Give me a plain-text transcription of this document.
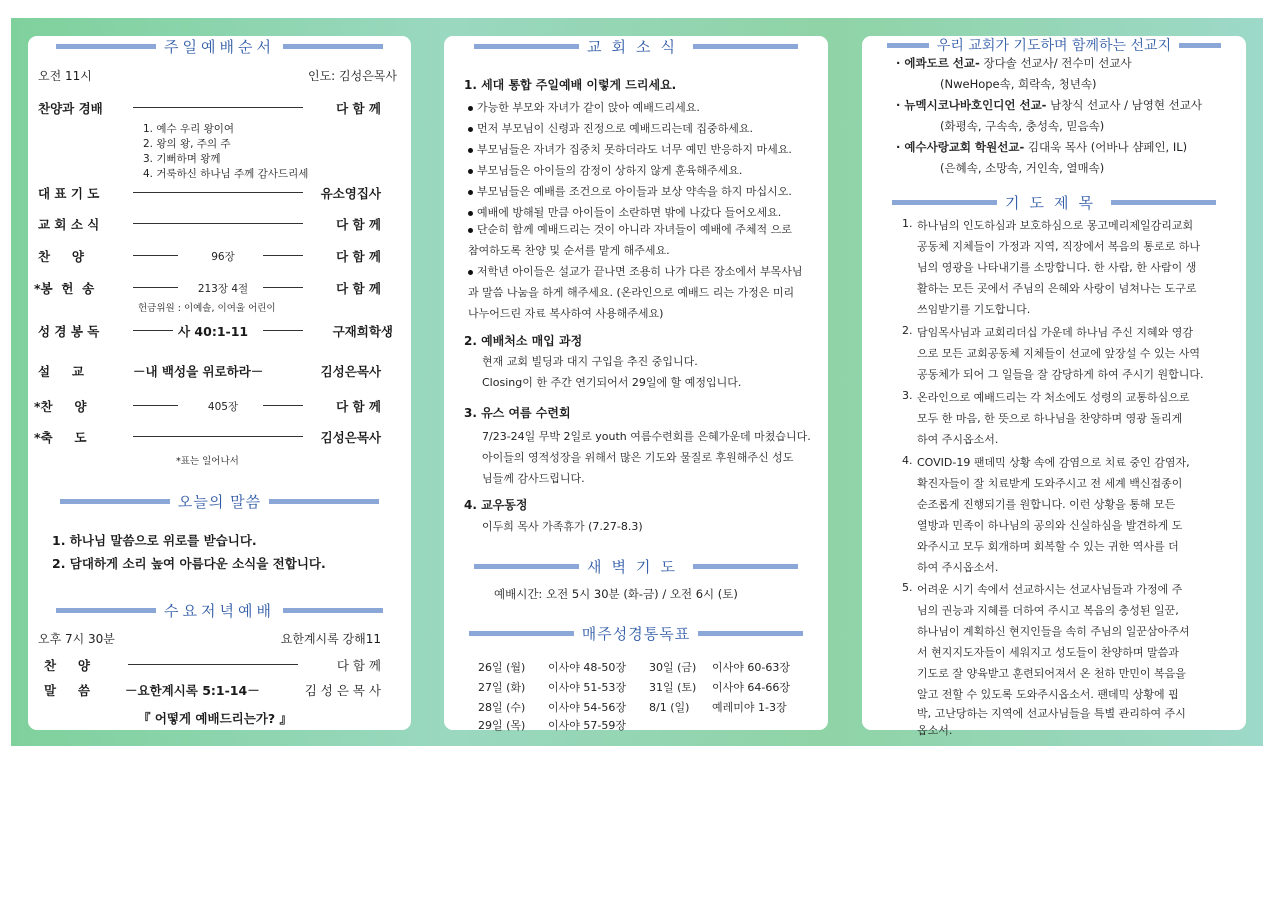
주일예배순서
오전 11시	인도: 김성은목사
찬양과 경배	다 함 께
1. 예수 우리 왕이여
2. 왕의 왕, 주의 주
3. 기뻐하며 왕께
4. 거룩하신 하나님 주께 감사드리세
대 표 기 도	유소영집사
교 회 소 식	다 함 께
찬     양	96장	다 함 께
*봉  헌  송	213장 4절	다 함 께
헌금위원 : 이예솔, 이여울 어린이
성 경 봉 독	사 40:1-11	구재희학생
설     교	－내 백성을 위로하라－	김성은목사
*찬     양	405장	다 함 께
*축     도	김성은목사
*표는 일어나서
오늘의 말씀
1. 하나님 말씀으로 위로를 받습니다.
2. 담대하게 소리 높여 아름다운 소식을 전합니다.
수요저녁예배
오후 7시 30분	요한계시록 강해11
찬     양	다 함 께
말     씀	－요한계시록 5:1-14－	김 성 은 목 사
『 어떻게 예배드리는가? 』
교회소식
1. 세대 통합 주일예배 이렇게 드리세요.
가능한 부모와 자녀가 같이 앉아 예배드리세요.
먼저 부모님이 신령과 진정으로 예배드리는데 집중하세요.
부모님들은 자녀가 집중치 못하더라도 너무 예민 반응하지 마세요.
부모님들은 아이들의 감정이 상하지 않게 훈육해주세요.
부모님들은 예배를 조건으로 아이들과 보상 약속을 하지 마십시오.
예배에 방해될 만큼 아이들이 소란하면 밖에 나갔다 들어오세요.
단순히 함께 예배드리는 것이 아니라 자녀들이 예배에 주체적 으로 참여하도록 찬양 및 순서를 맡게 해주세요.
저학년 아이들은 설교가 끝나면 조용히 나가 다른 장소에서 부목사님과 말씀 나눔을 하게 해주세요. (온라인으로 예배드 리는 가정은 미리 나누어드린 자료 복사하여 사용해주세요)
2. 예배처소 매입 과정
현재 교회 빌딩과 대지 구입을 추진 중입니다.
Closing이 한 주간 연기되어서 29일에 할 예정입니다.
3. 유스 여름 수련회
7/23-24일 무박 2일로 youth 여름수련회를 은혜가운데 마쳤습니다.
아이들의 영적성장을 위해서 많은 기도와 물질로 후원해주신 성도
님들께 감사드립니다.
4. 교우동정
이두희 목사 가족휴가 (7.27-8.3)
새벽기도
예배시간: 오전 5시 30분 (화-금) / 오전 6시 (토)
매주성경통독표
26일 (월) 이사야 48-50장 30일 (금) 이사야 60-63장
27일 (화) 이사야 51-53장 31일 (토) 이사야 64-66장
28일 (수) 이사야 54-56장 8/1 (일) 예레미야 1-3장
29일 (목) 이사야 57-59장
우리 교회가 기도하며 함께하는 선교지
· 에콰도르 선교- 장다솔 선교사/ 전수미 선교사
(NweHope속, 희락속, 청년속)
· 뉴멕시코나바호인디언 선교- 남창식 선교사 / 남영현 선교사
(화평속, 구속속, 충성속, 믿음속)
· 예수사랑교회 학원선교- 김대욱 목사 (어바나 샴페인, IL)
(은혜속, 소망속, 거인속, 열매속)
기도제목
1. 하나님의 인도하심과 보호하심으로 몽고메리제일감리교회
공동체 지체들이 가정과 지역, 직장에서 복음의 통로로 하나
님의 영광을 나타내기를 소망합니다. 한 사람, 한 사람이 생
활하는 모든 곳에서 주님의 은혜와 사랑이 넘쳐나는 도구로
쓰임받기를 기도합니다.
2. 담임목사님과 교회리더십 가운데 하나님 주신 지혜와 영감
으로 모든 교회공동체 지체들이 선교에 앞장설 수 있는 사역
공동체가 되어 그 일들을 잘 감당하게 하여 주시기 원합니다.
3. 온라인으로 예배드리는 각 처소에도 성령의 교통하심으로
모두 한 마음, 한 뜻으로 하나님을 찬양하며 영광 돌리게
하여 주시옵소서.
4. COVID-19 팬데믹 상황 속에 감염으로 치료 중인 감염자,
확진자들이 잘 치료받게 도와주시고 전 세계 백신접종이
순조롭게 진행되기를 원합니다. 이런 상황을 통해 모든
열방과 민족이 하나님의 공의와 신실하심을 발견하게 도
와주시고 모두 회개하며 회복할 수 있는 귀한 역사를 더
하여 주시옵소서.
5. 어려운 시기 속에서 선교하시는 선교사님들과 가정에 주
님의 권능과 지혜를 더하여 주시고 복음의 충성된 일꾼,
하나님이 계획하신 현지인들을 속히 주님의 일꾼삼아주셔
서 현지지도자들이 세워지고 성도들이 찬양하며 말씀과
기도로 잘 양육받고 훈련되어져서 온 천하 만민이 복음을
알고 전할 수 있도록 도와주시옵소서. 팬데믹 상황에 핍
박, 고난당하는 지역에 선교사님들을 특별 관리하여 주시
옵소서.
